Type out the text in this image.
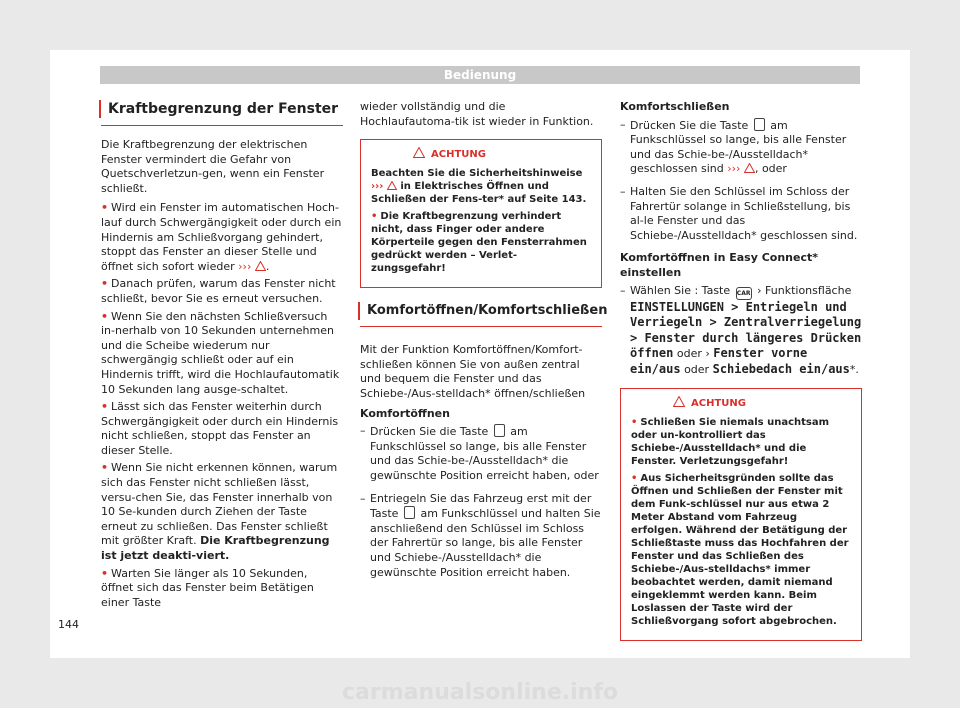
Bedienung
Kraftbegrenzung der Fenster

Die Kraftbegrenzung der elektrischen Fenster vermindert die Gefahr von Quetschverletzun-gen, wenn ein Fenster schließt.

• Wird ein Fenster im automatischen Hoch-lauf durch Schwergängigkeit oder durch ein Hindernis am Schließvorgang gehindert, stoppt das Fenster an dieser Stelle und öffnet sich sofort wieder ››› .

• Danach prüfen, warum das Fenster nicht schließt, bevor Sie es erneut versuchen.

• Wenn Sie den nächsten Schließversuch in-nerhalb von 10 Sekunden unternehmen und die Scheibe wiederum nur schwergängig schließt oder auf ein Hindernis trifft, wird die Hochlaufautomatik 10 Sekunden lang ausge-schaltet.

• Lässt sich das Fenster weiterhin durch Schwergängigkeit oder durch ein Hindernis nicht schließen, stoppt das Fenster an dieser Stelle.

• Wenn Sie nicht erkennen können, warum sich das Fenster nicht schließen lässt, versu-chen Sie, das Fenster innerhalb von 10 Se-kunden durch Ziehen der Taste erneut zu schließen. Das Fenster schließt mit größter Kraft. Die Kraftbegrenzung ist jetzt deakti-viert.

• Warten Sie länger als 10 Sekunden, öffnet sich das Fenster beim Betätigen einer Taste

wieder vollständig und die Hochlaufautoma-tik ist wieder in Funktion.

ACHTUNG

Beachten Sie die Sicherheitshinweise ››› in Elektrisches Öffnen und Schließen der Fens-ter* auf Seite 143.

• Die Kraftbegrenzung verhindert nicht, dass Finger oder andere Körperteile gegen den Fensterrahmen gedrückt werden – Verlet-zungsgefahr!

Komfortöffnen/Komfortschließen

Mit der Funktion Komfortöffnen/Komfort-schließen können Sie von außen zentral und bequem die Fenster und das Schiebe-/Aus-stelldach* öffnen/schließen

Komfortöffnen

– Drücken Sie die Taste am Funkschlüssel so lange, bis alle Fenster und das Schie-be-/Ausstelldach* die gewünschte Position erreicht haben, oder

– Entriegeln Sie das Fahrzeug erst mit der Taste am Funkschlüssel und halten Sie anschließend den Schlüssel im Schloss der Fahrertür so lange, bis alle Fenster und Schiebe-/Ausstelldach* die gewünschte Position erreicht haben.

Komfortschließen

– Drücken Sie die Taste am Funkschlüssel so lange, bis alle Fenster und das Schie-be-/Ausstelldach* geschlossen sind ››› , oder

– Halten Sie den Schlüssel im Schloss der Fahrertür solange in Schließstellung, bis al-le Fenster und das Schiebe-/Ausstelldach* geschlossen sind.

Komfortöffnen in Easy Connect* einstellen

– Wählen Sie : Taste CAR › Funktionsfläche EINSTELLUNGEN > Entriegeln und Verriegeln > Zentralverriegelung > Fenster durch längeres Drücken öffnen oder › Fenster vorne ein/aus oder Schiebedach ein/aus*.

ACHTUNG

• Schließen Sie niemals unachtsam oder un-kontrolliert das Schiebe-/Ausstelldach* und die Fenster. Verletzungsgefahr!

• Aus Sicherheitsgründen sollte das Öffnen und Schließen der Fenster mit dem Funk-schlüssel nur aus etwa 2 Meter Abstand vom Fahrzeug erfolgen. Während der Betätigung der Schließtaste muss das Hochfahren der Fenster und das Schließen des Schiebe-/Aus-stelldachs* immer beobachtet werden, damit niemand eingeklemmt werden kann. Beim Loslassen der Taste wird der Schließvorgang sofort abgebrochen.

144
carmanualsonline.info
